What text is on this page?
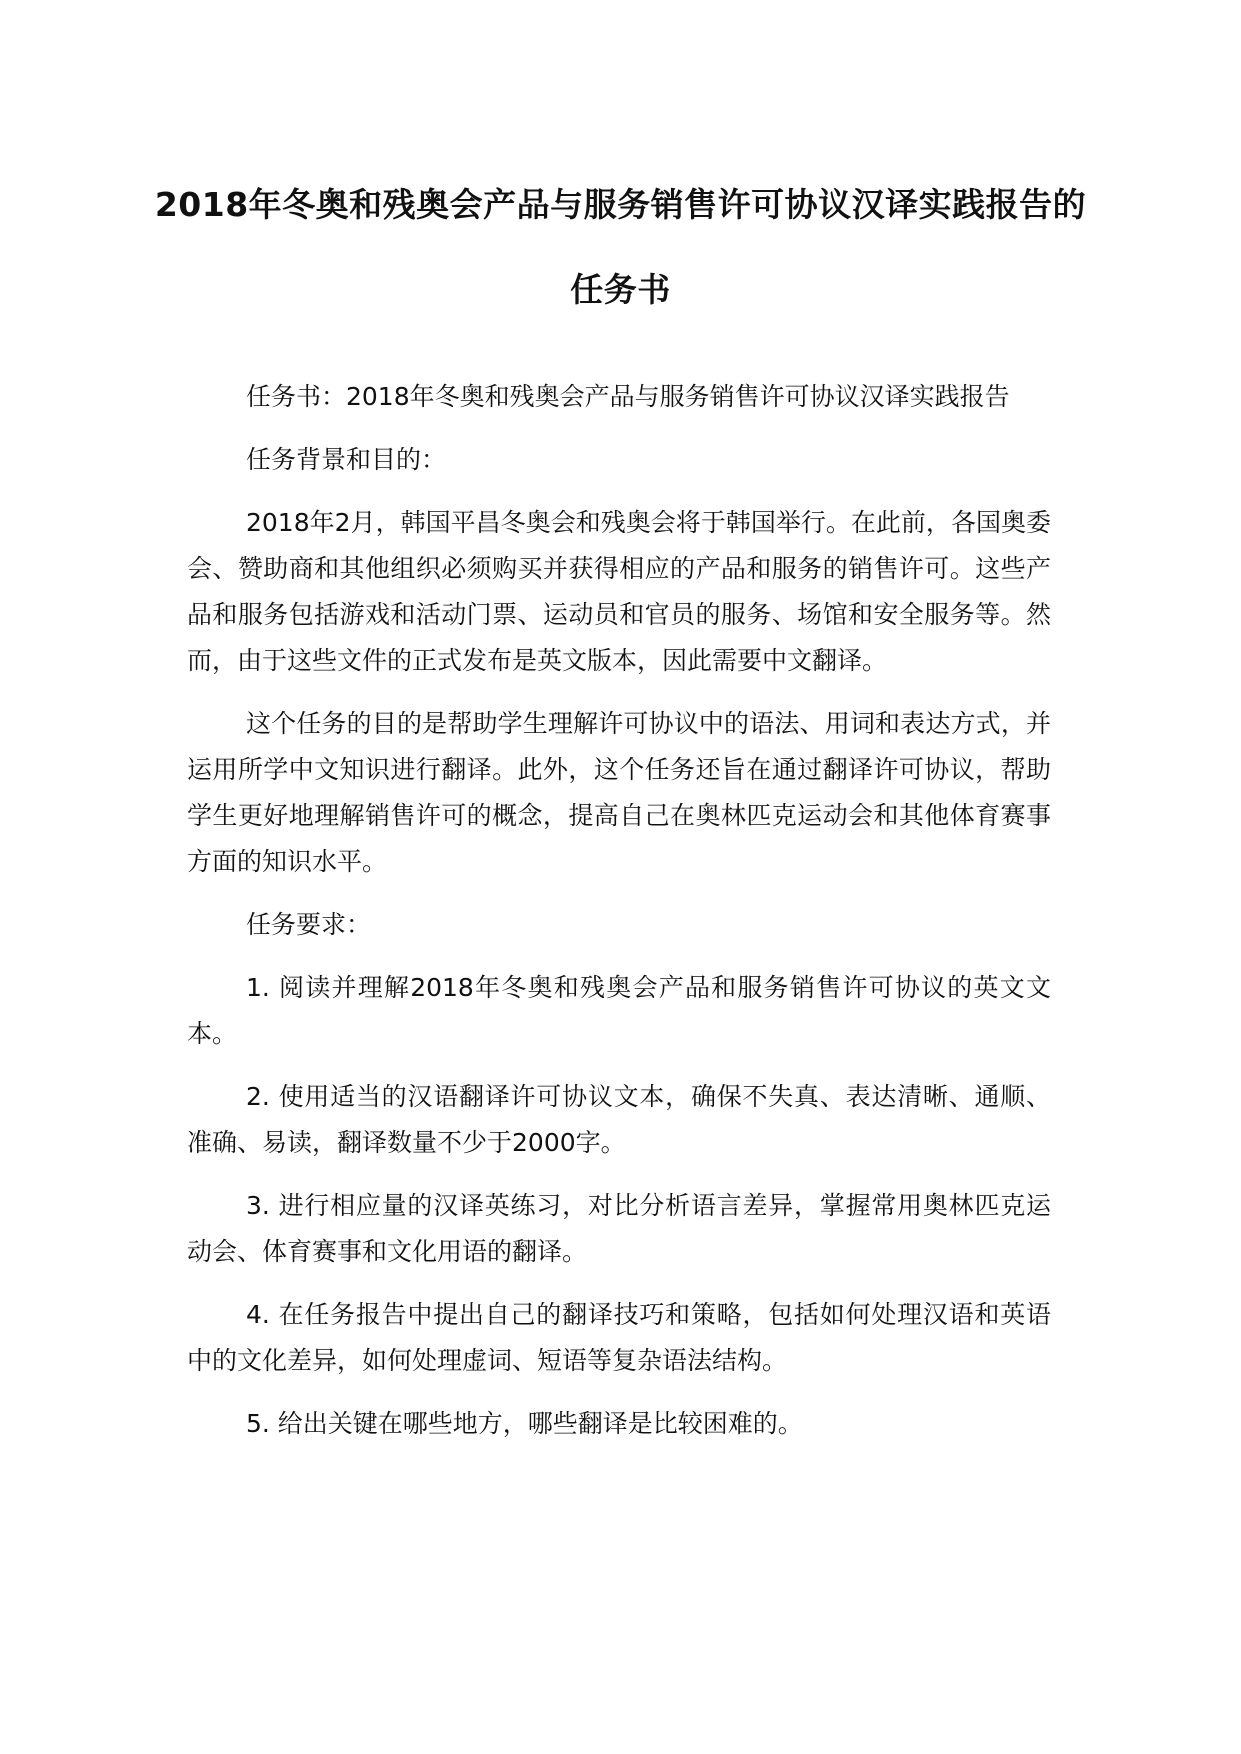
2018年冬奥和残奥会产品与服务销售许可协议汉译实践报告的任务书

任务书：2018年冬奥和残奥会产品与服务销售许可协议汉译实践报告

任务背景和目的：

2018年2月，韩国平昌冬奥会和残奥会将于韩国举行。在此前，各国奥委会、赞助商和其他组织必须购买并获得相应的产品和服务的销售许可。这些产品和服务包括游戏和活动门票、运动员和官员的服务、场馆和安全服务等。然而，由于这些文件的正式发布是英文版本，因此需要中文翻译。

这个任务的目的是帮助学生理解许可协议中的语法、用词和表达方式，并运用所学中文知识进行翻译。此外，这个任务还旨在通过翻译许可协议，帮助学生更好地理解销售许可的概念，提高自己在奥林匹克运动会和其他体育赛事方面的知识水平。

任务要求：

1. 阅读并理解2018年冬奥和残奥会产品和服务销售许可协议的英文文本。

2. 使用适当的汉语翻译许可协议文本，确保不失真、表达清晰、通顺、准确、易读，翻译数量不少于2000字。

3. 进行相应量的汉译英练习，对比分析语言差异，掌握常用奥林匹克运动会、体育赛事和文化用语的翻译。

4. 在任务报告中提出自己的翻译技巧和策略，包括如何处理汉语和英语中的文化差异，如何处理虚词、短语等复杂语法结构。

5. 给出关键在哪些地方，哪些翻译是比较困难的。
